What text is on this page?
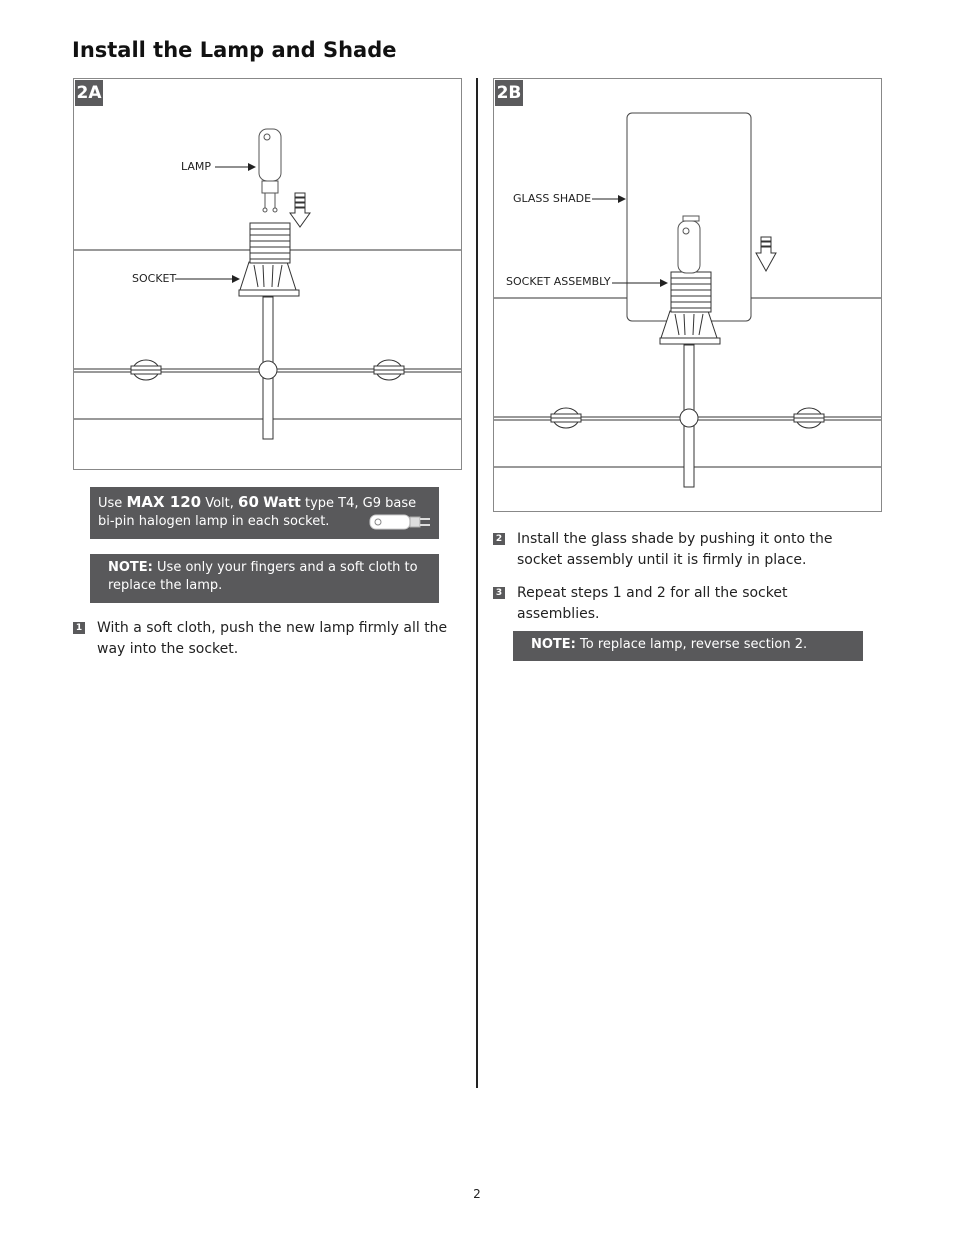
Install the Lamp and Shade
2A
LAMP
SOCKET
2B
GLASS SHADE
SOCKET ASSEMBLY
Use MAX 120 Volt, 60 Watt type T4, G9 base
bi-pin halogen lamp in each socket.
NOTE: Use only your fingers and a soft cloth to replace the lamp.
1 With a soft cloth, push the new lamp firmly all the way into the socket.
2 Install the glass shade by pushing it onto the socket assembly until it is firmly in place.
3 Repeat steps 1 and 2 for all the socket assemblies.
NOTE: To replace lamp, reverse section 2.
2
